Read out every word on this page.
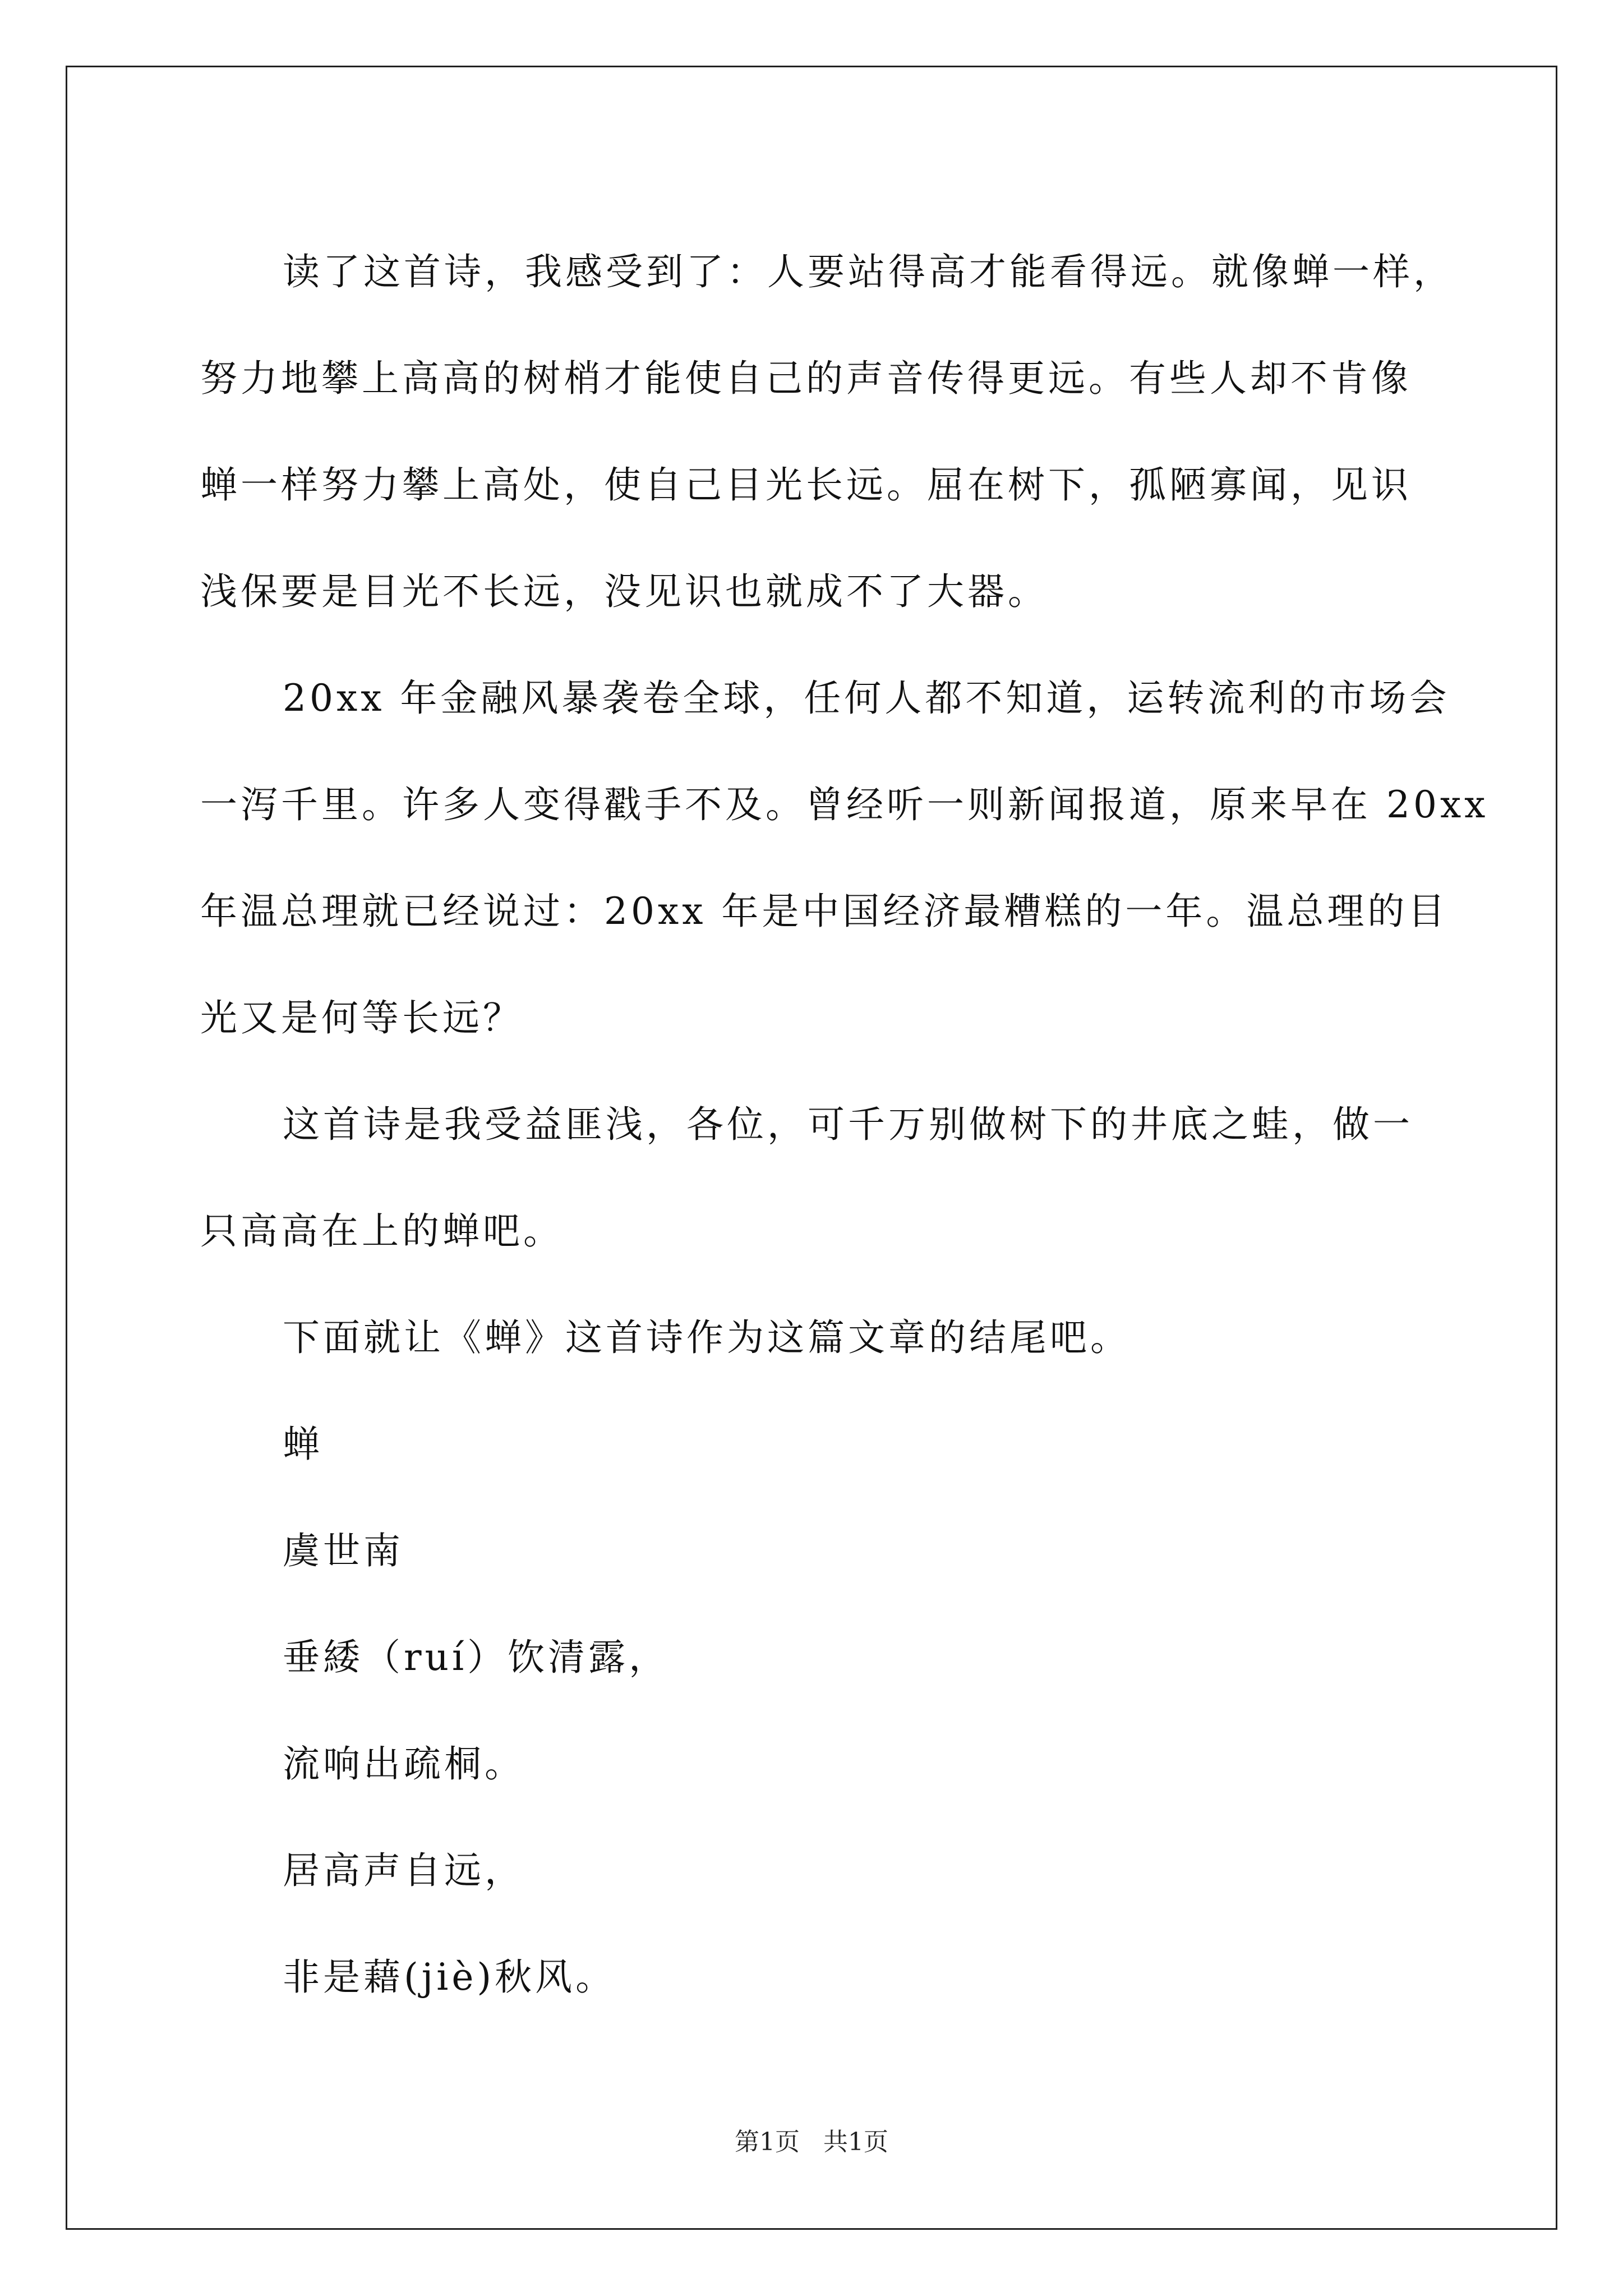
读了这首诗，我感受到了：人要站得高才能看得远。就像蝉一样，
努力地攀上高高的树梢才能使自己的声音传得更远。有些人却不肯像
蝉一样努力攀上高处，使自己目光长远。屈在树下，孤陋寡闻，见识
浅保要是目光不长远，没见识也就成不了大器。
20xx 年金融风暴袭卷全球，任何人都不知道，运转流利的市场会
一泻千里。许多人变得戳手不及。曾经听一则新闻报道，原来早在 20xx
年温总理就已经说过：20xx 年是中国经济最糟糕的一年。温总理的目
光又是何等长远？
这首诗是我受益匪浅，各位，可千万别做树下的井底之蛙，做一
只高高在上的蝉吧。
下面就让《蝉》这首诗作为这篇文章的结尾吧。
蝉
虞世南
垂緌（ruí）饮清露，
流响出疏桐。
居高声自远，
非是藉(jiè)秋风。
第1页 共1页
